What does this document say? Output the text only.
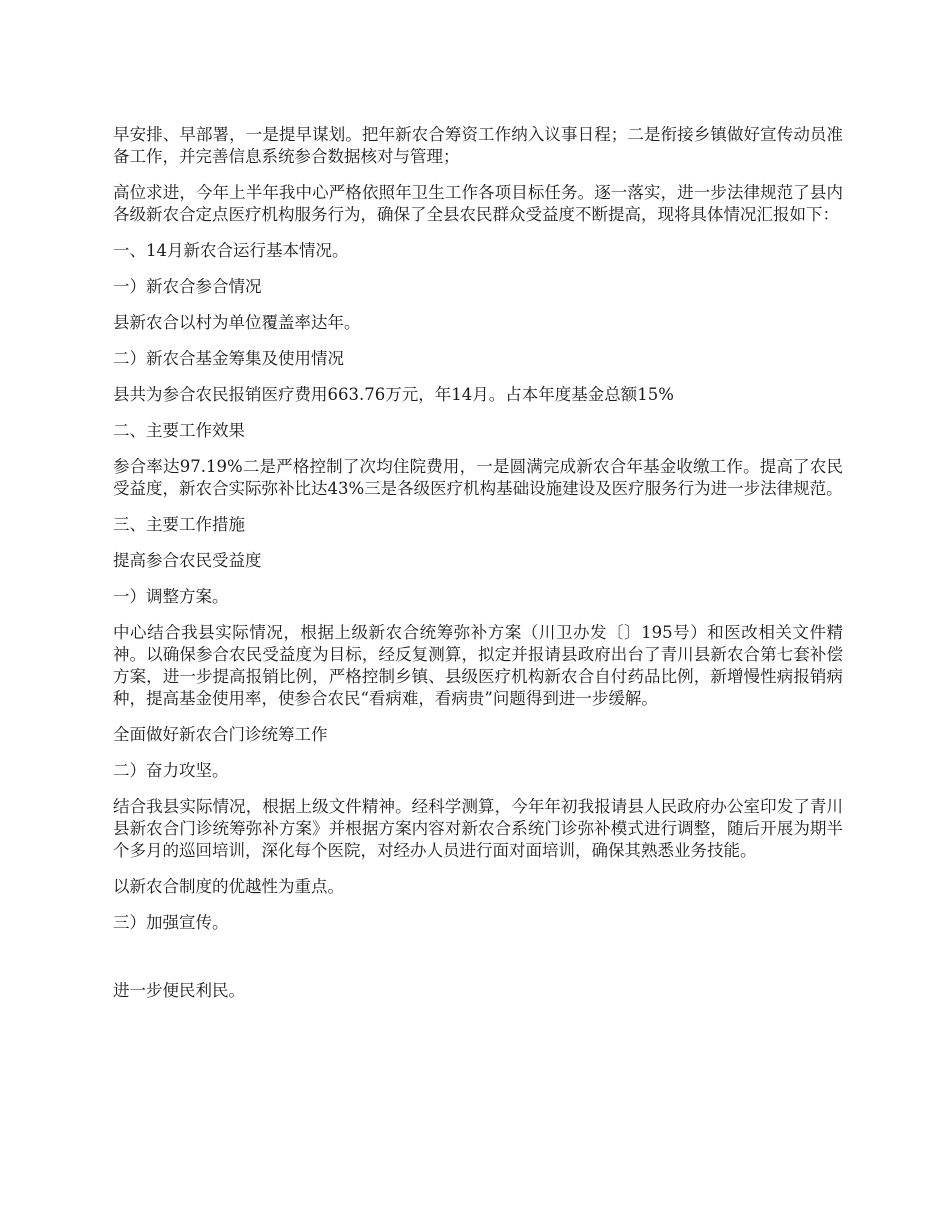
早安排、早部署，一是提早谋划。把年新农合筹资工作纳入议事日程；二是衔接乡镇做好宣传动员准备工作，并完善信息系统参合数据核对与管理；

高位求进，今年上半年我中心严格依照年卫生工作各项目标任务。逐一落实，进一步法律规范了县内各级新农合定点医疗机构服务行为，确保了全县农民群众受益度不断提高，现将具体情况汇报如下：

一、14月新农合运行基本情况。

一）新农合参合情况

县新农合以村为单位覆盖率达年。

二）新农合基金筹集及使用情况

县共为参合农民报销医疗费用663.76万元，年14月。占本年度基金总额15%

二、主要工作效果

参合率达97.19%二是严格控制了次均住院费用，一是圆满完成新农合年基金收缴工作。提高了农民受益度，新农合实际弥补比达43%三是各级医疗机构基础设施建设及医疗服务行为进一步法律规范。

三、主要工作措施

提高参合农民受益度

一）调整方案。

中心结合我县实际情况，根据上级新农合统筹弥补方案（川卫办发〔〕195号）和医改相关文件精神。以确保参合农民受益度为目标，经反复测算，拟定并报请县政府出台了青川县新农合第七套补偿方案，进一步提高报销比例，严格控制乡镇、县级医疗机构新农合自付药品比例，新增慢性病报销病种，提高基金使用率，使参合农民“看病难，看病贵”问题得到进一步缓解。

全面做好新农合门诊统筹工作

二）奋力攻坚。

结合我县实际情况，根据上级文件精神。经科学测算，今年年初我报请县人民政府办公室印发了青川县新农合门诊统筹弥补方案》并根据方案内容对新农合系统门诊弥补模式进行调整，随后开展为期半个多月的巡回培训，深化每个医院，对经办人员进行面对面培训，确保其熟悉业务技能。

以新农合制度的优越性为重点。

三）加强宣传。

进一步便民利民。
